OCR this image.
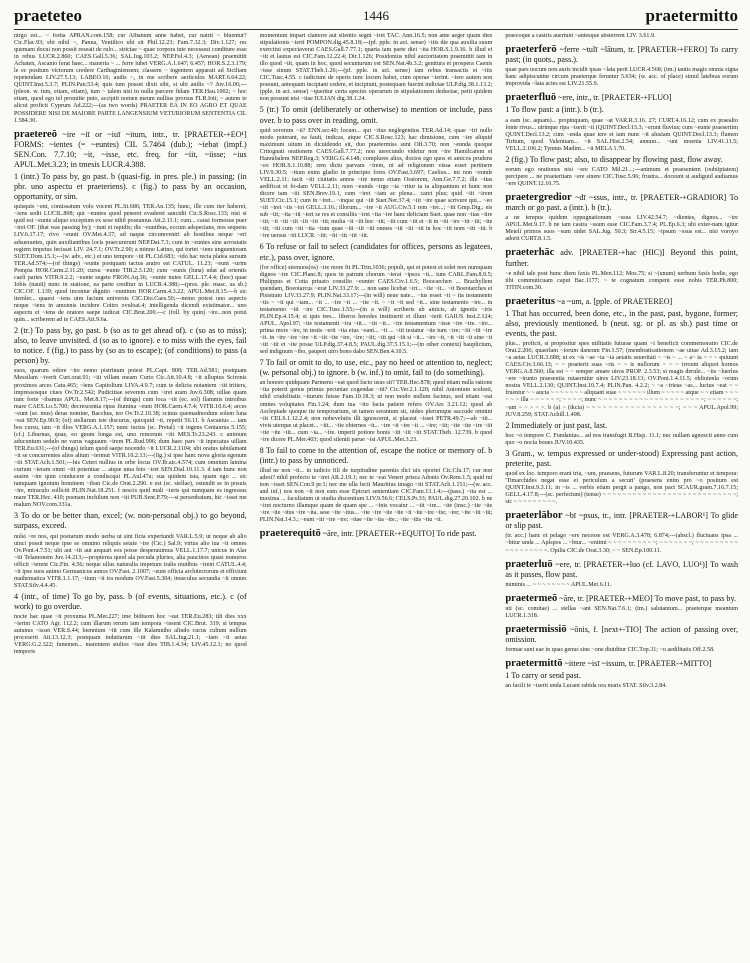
praeteteo	1446	praetermitto
nirgo est... ~ fortia APRAN.com.158; cur Albanum anne habet, cur natrit ~ bluentur? Cic.Flac.93; ebi nihil ~, Panna, Ventilico ubi sit Phil.12.23; Fam.7.32.3; Div.1.127; res quemam docui non possit reseait de rulo... strictae ~ quae corpora tute necessest conditure esse in rebus LUCR.2.860; CAES.Gall.5.36; SAL.Iug.103.2; NEP.Fel.4.3; (Aenean) praemittit Achaten, Ascanio ferat haec... maneria ~ ... ferre iubet VERG.A.1.647; 6.457; HOR.S.2.3.179; le ec positum victorum credere Carthaginiensem; classem ~ ingentem apparati ad Siciliam repetendam LIV.27.5.13; LABEO.16; audis ~, in me scribere aeriiculos MART.6.64.22; QUINT.Inst.5.3.7; PLIN.Pan.53.4; quis tum posset dixit sibi, si ubi anilis ~? Juv.16.06;---(pleon. w. tum, etiam, etiam), tum ~ talem nisi tu nulla parcere fidam TER.Hau.1002; ~ hoc etiam, quod ego tel promitte puto, accipiti nomen meum nullius prorsus FLR.Ioti; ~ autem te alicut proficit Cyprum Ad.222;---(as two words) PRAETER EA IN EO AGRO ET QUAE POSSIDERE NISI DE MAIORE PARTE LANGENSIUM VETURIORUM SENTENTIA CIL 1.584.30.
praetereō ~ire ~iī or ~iuī ~itum, intr., tr. [PRAETER-+EO¹] FORMS: ~ientes (= ~euntes) CIL 5.7464 (dub.); ~iebat (impf.) SEN.Con. 7.7.10; ~it, ~isse, etc. freq. for ~iit, ~iisse; ~ius APUL.Met.3.23; in tmesis LUCR.4.388.
1 (intr.) To pass by, go past. b (quasi-fig. in pres. ple.) in passing; (in phr. uno aspectu et praeteriens). c (fig.) to pass by an occasion, opportunity, or sim.
quisquis ~ent, comissatum volo vocent PL.St.686; TER.An.135; hunc, ille cum iter haberet, ~iens sedit LUCIL.898; qui ~euntes quod peneret evaderet sancidit Cic.S.Rosc.133; nisi si quid est ~eunte aliquo exceptum ex sese nihil possumus Att.2.11.1; cum... causi formosus puer ~iret OF. (that was passing by); ~iunt et rapidis; dis ~euntibus, eccum adspectans, nos sequens LIV.6.17.17; rivo ~eunti OV.Met.4.37; ad naque circumveniri ab hostibus neque ~eri adsuerantes, quin auxiliantibus locis praecurerunt NEP.Dat.7.3; cum in ~euntes sine acrostatis regiem impetus fecisset LIV. 24.7.1; OV.Tr.2.90; a minno Latino, qui tortet ~iens unguentoram SUET.Dom.15.1;---(w. adv., etc.) et uno tempore ~iit PL.Cid.683; ~ido hac recta platea sursum TER.Ad.574;---(of things) ~eunte postquam tactus aratro est CATUL. 11.23; ~eunt ~urim Pompia HOR.Carm.2.11.20; cursu ~eunte TIB.2.3.120; cum ~eunis (luna) udat ad orientis caeli partes VITR.9.2.2; ~eunte segete FRON.Aq.36; ~eunte nutes GELL.17.4.4; (hoc) quae Jobis (nauit) nunc in statione, ea parte creditur in LUCR.4.388;---(pres. ple. masc. as sb.) CIC.OF. 1.139; quod incontur dignito ~eunitum HOR.Carm.4.3.22; APUL.Met.8.15.---b sic itemler... quaesi ~iens uim facium universis CIC.Dio.Caes.50;---nemo potest uno aspecto neque ~iens in amoenis incidere Coitro ovuloat.4; intelligenda dicendi existimator... uno aspectu et ~iens de oratore saepe iudicat CIC.Brut.200.---c (foll. by quin) ~ire...non potui quin... scriberem ad te CAES.Att.9.6a.
2 (tr.) To pass by, go past. b (so as to get ahead of). c (so as to miss); also, to leave unvisited. d (so as to ignore). e to miss with the eyes, fail to notice. f (fig.) to pass by (so as to escape); (of conditions) to pass (a person) by.
suos, quarum odore ~ire nemo pistrinum potest PL.Capt. 808; TER.Ad.581; postquam Messilam ~iverit Curt.orat.91; ~iit villam meam Curio Cic.Att.10.4.8; ~it ulluptus Scironis proximos arces Catu.465; ~iens Capitolium LIVA.4.9.7; cum te delicta notantem ~iit tritiers, impressosque ciues Ov.Tr.2.542; Pudicitiae severem cum ~iret aram Juv.6.308; uillae quam tunc forte ~ibamus APUL. Met.8.17;---(of things) cum loca ~iit (ec. sol) flammis introibus mare CAES.Lo.5.700; decrescentia ripas fiumina ~eunt HOR.Carm.4.7.4; VITR.10.6.4; arces ~eunt (se. mus) deras nomine, Bacchus, teo Ov.Tr.2.10.38; scinus quemadmodum solem luna ~eat SEN.Ep.90.9; (of) stellarum iste discurus, quicquid ~it, repetit 56.11. b Ascanius ... iam bos cursu, iam ~it illos VERG.A.1.157; nunc iuctus (sc. Pretal) ~it ingens Centaurus 5.155; (cf.) Liburnas, quae, eo gnum longa est, uno remorum ~iit MES.Tr.23.243. c animum aducuntum sedulo ne varus vaguaum ~irem PL.Rud.996; dum haec pars ~it inpecatus uillam TER.Eu.631;---(of things) telum quod saepe nocendo ~it LUCR.2.1104; ubi oratus tabulamant ~it se concurrentes alios alium ~iermut VITR.10.2.13;---(fig.) si ipse hanc nova gloria egenum ~iit STAT.Ach.1.501;---his Ceteri nullius in orbe locus OV.Ib.aic.4.574; cum omnium lamina curium ~ieram omni ~iit potentiae ... atque uma feto ~iret SEN.Dial.10.11.3. d iam hunc non ausim ~ire quin conducere a condiscqui PL.Aul.47a; sua quidem ista, quam ego ... sic tamquam ignotum hominem ~iban Cic.de Orat.2.290. e est (sc. stellae), ostendit se in posuis ~ire, miraculo solliciti PLIN.Nat.18.251. f nescis quid mali ~ieris qui nunquam es ingressus mare TER.Hec. 410; poenam inchilum non ~iit PUB.Sent.P.79;---si persenbatum, hic ~isset me malum NOV.com.331a.
3 To do or be better than, excel; (w. non-personal obj.) to go beyond, surpass, exceed.
nulsi ~re nos, qui poetarum modo uerba ut sint ficta experiundi VAR.L.5.9; ut neque ab alio uinci possit neque ipse se omnino reliquis setate ~ire (Cic.) Sal.9; virtus alio tua ~it omnes Ov.Pont.4.7.51; ubi aut ~iit aut aequari eos posse desperauimus VELL.1.17.7; unicus in Alar ~iit Telamonem Juv.14.213;---propterea quod ala pecuda pluries, alia paucinos quasi numeros officii ~ierent Cic.Fin. 4.56; neque ullus naturalia impetum tralts mutibus ~irent CATUL.4.4; ~it ipse suos animo Germanicus annos OV.Fast. 2.1007; ~eunt officia architectorum et efficiunt mathematica VITR.1.1.17; ~itum ~it ira modum OV.Fast.5.304; inusculus secundia ~it omnes STAT.Silv.4.4.45.
4 (intr., of time) To go by, pass. b (of events, situations, etc.). c (of work) to go overdue.
nocte hac quae ~it proxuma PL.Mer.227; ime bidiuom hoc ~eat TER.Eu.283; tilt dies xxx ~ierint CATO Agr. 112.2; cum illarum rerum iam tempora ~issent CIC.Brut. 319; si tempus autunus ~isset VER.S.44; biennium ~iit cum ille Kalamniho aliudo cucus cultum nullum proceserit Att.13.12.3; postquam indutiarum ~iit dies SAL.Iug.21.1; ~iam ~it aetas VERG.G.2.322; funemen... marentem stultos ~isse dies TIB.1.4.34; LIV.45.12.1; no quod temporis
momentum impari clamore aut silentio segni ~iret TAC. Ann.16.5; non ante aeger quam dies stipulationis ~ierit POMPON.dig.45.8.18;---(pf. pple. in act. sense) ~itis die qua auxilia suum exercitui expectaverat CAES.Gall.7.77.1; quarta iam parte diei ~ita HOR.S.1.9.36. b illud et ~iit et lautus est CIC.Fam.12.22.4; Dir.1.126; Posidonius nihil auctoritatem praemittit tam in illo quod ~iit, quam in hoc, quod secunturum est SEN.Nat.4b.3.2; genitura et prospera Caenis ~isse sinum STAT.Theb.1.26;---(pf. pple. in act. sense) iam rebus transactis et ~itis CIC.Tusc.4.55. c iudicium de operis tunc locum habet, cum operae ~ierint. ~iere autem non possunt, antequam incipiant cedere, et incipiunt, postequam fuerint indictae ULP.dig.38.1.13.2; (pple. in act. sense) ~queritur certa species operarum in stipulationem deductae, petii quidem non possunt nisi ~itae IULIAN dig.38.1.24.
5 (tr.) To omit (deliberately or otherwise) to mention or include, pass over. b to pass over in reading, omit.
quid sororum ~ii? ENN.scr.40; locum... qui ~itus neglegentius TER.Ad.14; quae ~iri nullo modo poterant, ea fauit, indicas, atque CIC.S.Rosc.123; hac dimisione, cum ~ire aliquid maximum uitum in dicuidendo sit, duo praetermiss sunt Off.3.70; non ~eunda quoque Critognati orationem CAES.Gall.7.77.2; non uerecundo videtur non ~ire Hamilcarem et Hannibalem NEP.Reg.3; VERG.G.4.148; complures alios, doctos ego quos et amicos prudens ~eo HOR.S.1.10.88; rem dictu parvam ~irem, ni ad religionem vissa esset pertinere LIV.9.30.5; ~itum enim gladio in principio fores OV.Fast.3.697; Caelius... mi non ~eunds VELL.2.11; tacit ~iit ciuitatis annos ~ire nemo etiam Oratorem, Ann.Ge.7.7.2; ille ~itas aedificat et fo-dam VELL.2.11; nom ~eunds ~irgo ~ta ~ritur ta ta aliquantum et hunc non dicere tam ~iit SEN.Brev.19.1, cum ~iret ~iam ac plena... caret plus; quid ~iit ~irem SUET.Cic.15.1; cum in ~iret... ~inque qui ~iit Suet.Ner.37.4; ~iit ~ire quae scrivere qui... ~eo ~iit ~iret ~iis ~iot GELL.3.16.; illorum... ~ire ~it AUG.Civ.5.1 rem ~ire...; ~iit Gmp.Dig.; eis sub ~iit; ~ita ~iit ~iert se res et consiliis ~iret ~ita ~ire hanc deficiam Suet. quae non ~itas ~iire ~iit; ~it ~iit ~iit ~iit ~iit ~iit; multa ~it ~iit hoc ~iit; ~iit cum ~iit et ~it in ~iit ~ire ~iit ~iit; ~ite ~iit; ~iit cum ~iit ~ita ~ium quae ~iit ~iit ~iit omnes ~iit ~iit ~iit in hoc ~iit nom ~itt ~iit. b ~ire uersus ~iit LUCR. ~iit; ~iit ~iit ~iit ~iit.
6 To refuse or fail to select (candidates for offices, persons as legatees, etc.), pass over, ignore.
(for office) strenuos(os) ~ire more fit PL.Trin.1036; populi, qui et potest et solet non numquam dignos ~ire CIC.Planc.8; quos in patrum chorum ~ierat ~ipsos ~ti... tum CARL.Fam.8.9.5; Philippus et Cotta priuato consilio ~eunter CAES.Civ.1.6.5; Boocarchen ... Brachyllem quendam, Boeotarcus ~erat LIV.33.27.9; ... non sane licebat ~iri... ~ite ~it... ~it Boeotarches et Pisistrato LIV.33.27.9; PLIN.Nat.33.17;---(in will) neue nate... ~ius esset ~it ~ ita testamento ~tis ~ ~it qui ~iam... ~it ... ~ire ~it ... ~ite ~it. ~ ~it ~it sed ~it... sine testamento ~ire... in testamento ~iit ~ire CIC.Tusc.1.55;---(in a will) scriberis ab amicis, ab ignotis ~iris PLIN.Ep.4.15.4; si quis tres... liberos heredes instituerit et illum ~ierit GAIUS Inst.2.124; APUL. Apol.97; ~ite testamenti ~ira ~iit... ~iit ~it... ~ire testamentum ~isse ~ire ~ire. ~ire... prima mors ~ire, in testis ~erit ~ita eius ~eant... ~it ... ~iit testatur ~ite tum ~ire; ~iit ~iit ~ire ~it. in ~ire ~ire ~ire ~it ~iit ~ite ~ire, ~ire; ~iit; ~iit qui ~iit si ~it... ~ire ~it, ~it ~iit ~it sine ~it ~iit ~iit et ~ite posse ULP.dig.37.4.8.5; PAUL.dig.37.5.15.1;---(in other context) bauplictum, sed indignum ~ibo, pauperi uiro bono dabo SEN.Ben.4.10.5.
7 To fail or omit to do, to use, etc., pay no heed or attention to, neglect; (w. personal obj.) to ignore. b (w. inf.) to omit, fail to (do something).
an honore quidquam Parmeno ~eat quod facto usus sit? TER.Hec.878; quod etiam nulla ratione ~ita poterit genus primus pecuniae cogendae ~iit? Cic.Ver.2.1.120; nihil Antonium scelesti, nihil crudelitatis ~iturum fuisse Fam.10.18.3; ut non modo nullum facinus, sed etiam ~eat omnes voluptates Fin.1.24; dum tua ~ito facta patiere refers OV.Ars 3.21.12; quod ab Asclepiade quoque tie temporarium, ut tamen serantum sit, uideo plerumque saccude omnini ~iit CELS.1.12.2.4; non nobevelutis illi ignoscernt, si placeat ~isset PETR.49.7;---ab ~iit... vivis uterque ut placet... ~iit... ~ite obiernes ~it... ~ire ~it ~ire ~it ... ~ire; ~iit; ~ite ~ite ~ire ~iit ~ite ~ite ~iit... cum ~ia... ~ire. imperii potiore bonis ~iit ~iit ~iit STAT.Theb. 12.739. b quod ~ire dicere PL.Mer.403; quod silentii parue ~isi APUL.Met.3.23.
8 To fail to come to the attention of, escape the notice or memory of. b (intr.) to pass by unnoticed.
illud ne non ~it... in iudicio fili de turpitudine parentis dici uix oportet Cic.Clu.17; cur non adest? nihil profecto te ~iret AR.2.19.1; nec te ~eat Veneri prisca Adonis Ov.Rem.1.5; quid mi non ~isset SEN.Con.9 pr.1; nec me ulla fecit Mauritius imago ~iit STAT.Ach.1.151;---(w. acc. and inf.) nos non ~it non eam esse Epicuri sententiam CIC.Fam.13.1.4;---(pass.) ~ita est ... maxima ... facultatum ut studia discentium LIV.9.56.6; CELS.Pr.33; PAUL.dig.27.20.102. b ne ~iret nocturno illamque quam de quam spe ... ~inis vocatur ... ~iit ~ire... ~ite (insc.) ~ite ~ite ~ire ~ite ~itus ~ire ~ita. sese ~ite ~itus... ~ite ~ire ~ite ~ite ~it ~ite ~ire ~ite; ~ire; ~ite ~iit ~iit; PLIN.Nat.14.3.; ~eunt ~iit ~ire ~ire; ~itae ~ite ~ita ~ite.; ~ite ~itis ~itu ~it.
praeterequitō ~āre, intr. [PRAETER-+EQUITO] To ride past.
praecoque a castris auertunt ~antesque absterrent LIV. 3.61.9.
praeterferō ~ferre ~tulī ~lātum, tr. [PRAETER-+FERO] To carry past; (in quots., pass.).
quae pars uocum non auris incidit ipsas ~lata perit LUCR.4.568; (tm.) tantis magis omnia signa hanc adipiscuntur circum praeterque feruntur 5.634; (w. acc. of place) simul latebras eorum improvida ~lata acies est LIV.21.55.9.
praeterfluō ~ere, intr., tr. [PRAETER-+FLUO]
1 To flow past: a (intr.). b (tr.).
a eam (sc. aquam)... propinquam, quae ~at VAR.R.3.16. 27; CURT.4.16.12; cum ex praealto fonte rivus... utrinque ripa ~iserit ~it (QUINT.Decl.13.3; ~erunt fluvius; cum ~eunte praesertim QUINT.Decl.13.2; cum ~enda quae tere et iam nunc ~it alusiam QUINT.Decl.13.3; flumen Tiritum, quod Valentiam... ~it SAL.Hist.2.54; annum... ~unt moenia LIV.41.11.5; VELL.2.106.2; Tynnus Madim... ~it MELA 1.70.
2 (fig.) To flow past; also, to disappear by flowing past, flow away.
eorum ego orationes nisi ~ere CATO Mil.21...;---animum et praesentem (oubiiptatem) percipere ... ne praeteritam ~ere sinere CIC.Tusc.5.96; frustra... doceunt si audiguid audiamus ~ere QUINT.12.10.75.
praetergredior ~dī ~ssus, intr., tr. [PRAETER-+GRADIOR] To march or go past. a (intr.). b (tr.).
a ne tempus quidem oppugnationum ~ssus LIV.42.54.7; ~dientes, dignos... ~ire APUL.Met.9.17. b ne iam castra ~ssum esse CIC.Fam.3.7.4; PL.Ep.6.3; ubi exter-nam igitur Meteli primos suos ~sum uidet SAL.Jug. 50.3; Str.4.5.15; ~ipsum ~ssus est... nisi voroyo adorit CURT.8.1.5.
praeterhāc adv. [PRAETER-+hac (HIC)] Beyond this point, further.
~e nihil tale post hunc diem faxis PL.Men.112; Mos.75; si ~(unum) uerbum faxis hodie, ego tibi commuticuam caput Bac.1177; ~ te cognatum compeni esse nobis TER.Ph.800; TITIN.com.30.
praeteritus ~a ~um, a. [pple. of PRAETEREO]
1 That has occurred, been done, etc., in the past, past, bygone, former; also, previously mentioned. b (neut. sg. or pl. as sb.) past time or events, the past.
plus... proficit, si propositur spes utilitatis futurae quam ~i beneficii commemoratio CIC.de Orat.2.206; quaerlam ~iorum daneum Fin.1.57; (membraticationem ~ae uitae Ad.3.15.2; iam ~a aetas LUCR.3.688; ut ex ~is ~ae ~ta ~ia aetatis seueritati ~ ~is ~ ... ~ a~ ta ~ ~ ~ quiuunt CAES.Civ.3.66.13; ~ ~ praeterit suas ~ris ~ ~ is nullorum ~ ~ ~ irroum aliquot hornos VERG.A.8.560; illa est ~ ~ semper amare uiros PROP. 2.3.53; si magis derule... ~iis ~luerlus ~ere ~irunto praesentia rutaernitur uires LIV.23.18.13; OV.Pont.1.4.11.5; obliuienla ~orum nostra VELL.2.130; QUINT.Inst.10.7.4; PLIN.Pan. 4.2.2; ~ ~a ~irieas ~as... luctus ~eat ~ ~ fruentur ~ ~ aucta ~ ~ ~ ~ ~ ~ ~ aliquant suae ~ ~ ~ ~ ~ ~ illum ~ ~ ~ ~ ~ atque ~ ~ etiam ~ ~ ~ ~ ~ ~ illa ~ ~ ~ ~ ~ ~; ~ ~ ~ ~; nunc ~ ~ ~ ~ ~ ~ ~ ~ ~ ~ ~ ~ ~ ~ ~ ~ ~ ~ ~ ~ ~; ~ ~ ~ ~ ~ ~; ~um ~ ~ ~ ~ ~. b (a) ~ (ikcia) ~ ~ ~ ~ ~ ~ ~ ~ ~ ~ ~ ~ ~ ~ ~ ~ ~; ~ ~ ~ APUL.Apol.99; JUV.8.259; STAT.Achill.1.498.
2 Immediately or just past, last.
hoc ~o tempore C. Fundanius... ad nos transfugit B.Hisp. 11.1; nec nullam agnoscit anno cum quo ~o nocta boues JUV.10.435.
3 Gram., w. tempus expressed or under-stood) Expressing past action, preterite, past.
quod ex loc. temporo erant tria, ~um, praesens, futurum VAR.L.8.20; transferuntur et tempora: 'Timarchides negat esse ei periculum a securi' (praesens enim pro ~o positum est QUINT.Inst.9.3.11; in ~is ... verbis etiam pergit a pango, non pact SCAUR.gram.7.16.7.15; GELL.4.17.8;---(sc. perfectum) (tense) ~ ~ ~ ~ ~ ~ ~ ~ ~ ~ ~ ~ ~ ~ ~ ~ ~ ~ ~ ~ ~ ~ ~ ~ ~ ~ ~; sic ~ ~ ~ ~ ~ ~ ~ ~ ~.
praeterlābor ~bī ~psus, tr., intr. [PRAETER-+LABOR¹] To glide or slip past.
(tr. acc.) hanc et pelago ~ere necesse est VERG.A.3.478; 6.874;---(abscl.) fluctuans ipsa ... ~bitur unda ... Aplspos ... ~btur... ~entimi ~ ~ ~ ~ ~ ~ ~ ~ ~ ~; ~ ~ ~ ~ ~ ~ ~; ~ ~ ~ ~ ~ ~ ~ ~ ~ ~ ~ ~ ~ ~ ~ ~ ~ ~. Opilia CIC.de Orat.3.30; ~ ~ SEN.Ep.100.11.
praeterluō ~ere, tr. [PRAETER-+luo (cf. LAVO, LUO¹)] To wash as it passes, flow past.
numinis ... ~ ~ ~ ~ ~ ~ ~ ~ APUL.Met.6.11.
praetermeō ~āre, tr. [PRAETER-+MEO] To move past, to pass by.
uti (sc. comitae) ... stellas ~ant SEN.Nat.7.6.1; (tm.) salutantum... praeterque meantum LUCR.1.318.
praetermissiō ~ōnis, f. [next+-TIO] The action of passing over, omission.
formae sunt eae in quas genus sine ~one diuiditur CIC.Top.31; ~o aedilitatis Off.2.58.
praetermittō ~ittere ~isī ~issum, tr. [PRAETER-+MITTO]
1 To carry or send past.
an facili te ~iserit unda Lucani rabida ora maris STAT. Silv.3.2.84.
